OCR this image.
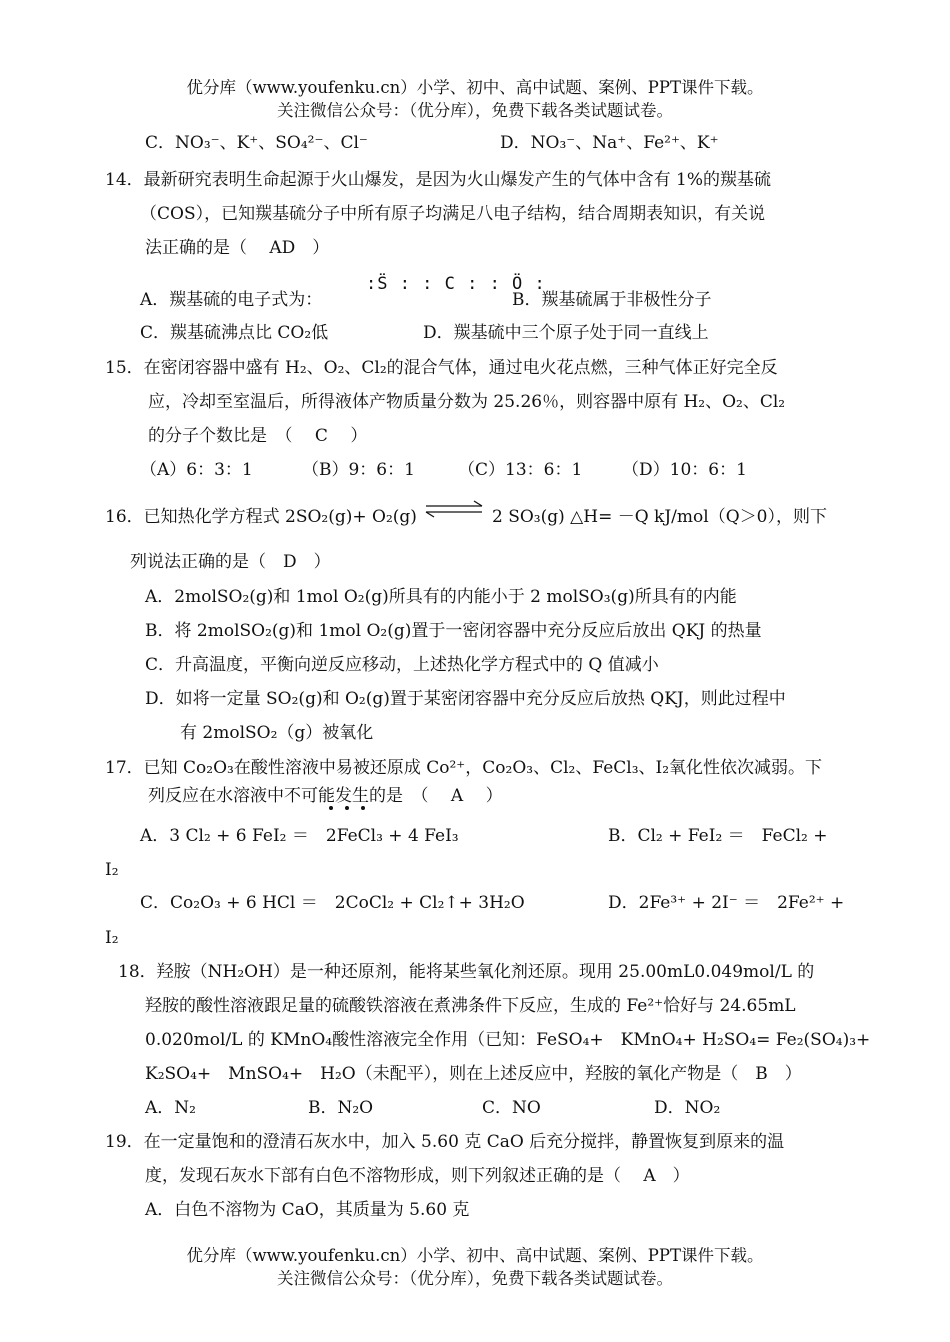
优分库（www.youfenku.cn）小学、初中、高中试题、案例、PPT课件下载。
关注微信公众号：（优分库），免费下载各类试题试卷。
C．NO₃⁻、K⁺、SO₄²⁻、Cl⁻	D．NO₃⁻、Na⁺、Fe²⁺、K⁺
14．最新研究表明生命起源于火山爆发，是因为火山爆发产生的气体中含有 1%的羰基硫
（COS），已知羰基硫分子中所有原子均满足八电子结构，结合周期表知识，有关说
法正确的是（　 AD　）
:S̈ : : C : : Ö :
A．羰基硫的电子式为：	B．羰基硫属于非极性分子
C．羰基硫沸点比 CO₂低	D．羰基硫中三个原子处于同一直线上
15．在密闭容器中盛有 H₂、O₂、Cl₂的混合气体，通过电火花点燃，三种气体正好完全反
应，冷却至室温后，所得液体产物质量分数为 25.26％，则容器中原有 H₂、O₂、Cl₂
的分子个数比是　（　 C　 ）
（A）6：3：1	（B）9：6：1	（C）13：6：1 （D）10：6：1
16．已知热化学方程式 2SO₂(g)+ O₂(g) ⇌ 2 SO₃(g) △H= －Q kJ/mol（Q＞0），则下
列说法正确的是（　D　）
A．2molSO₂(g)和 1mol O₂(g)所具有的内能小于 2 molSO₃(g)所具有的内能
B．将 2molSO₂(g)和 1mol O₂(g)置于一密闭容器中充分反应后放出 QKJ 的热量
C．升高温度，平衡向逆反应移动，上述热化学方程式中的 Q 值减小
D．如将一定量 SO₂(g)和 O₂(g)置于某密闭容器中充分反应后放热 QKJ，则此过程中
有 2molSO₂（g）被氧化
17．已知 Co₂O₃在酸性溶液中易被还原成 Co²⁺，Co₂O₃、Cl₂、FeCl₃、I₂氧化性依次减弱。下
列反应在水溶液中不可能发生的是　（　 A　 ）
A．3 Cl₂ + 6 FeI₂ ＝　2FeCl₃ + 4 FeI₃	B．Cl₂ + FeI₂ ＝　FeCl₂ +
I₂
C．Co₂O₃ + 6 HCl ＝　2CoCl₂ + Cl₂↑+ 3H₂O	D．2Fe³⁺ + 2I⁻ ＝　2Fe²⁺ +
I₂
18．羟胺（NH₂OH）是一种还原剂，能将某些氧化剂还原。现用 25.00mL0.049mol/L 的
羟胺的酸性溶液跟足量的硫酸铁溶液在煮沸条件下反应，生成的 Fe²⁺恰好与 24.65mL
0.020mol/L 的 KMnO₄酸性溶液完全作用（已知：FeSO₄+　KMnO₄+ H₂SO₄= Fe₂(SO₄)₃+
K₂SO₄+　MnSO₄+　H₂O（未配平），则在上述反应中，羟胺的氧化产物是（　B　）
A．N₂	B．N₂O	C．NO	D．NO₂
19．在一定量饱和的澄清石灰水中，加入 5.60 克 CaO 后充分搅拌，静置恢复到原来的温
度，发现石灰水下部有白色不溶物形成，则下列叙述正确的是（　 A　）
A．白色不溶物为 CaO，其质量为 5.60 克
优分库（www.youfenku.cn）小学、初中、高中试题、案例、PPT课件下载。
关注微信公众号：（优分库），免费下载各类试题试卷。
